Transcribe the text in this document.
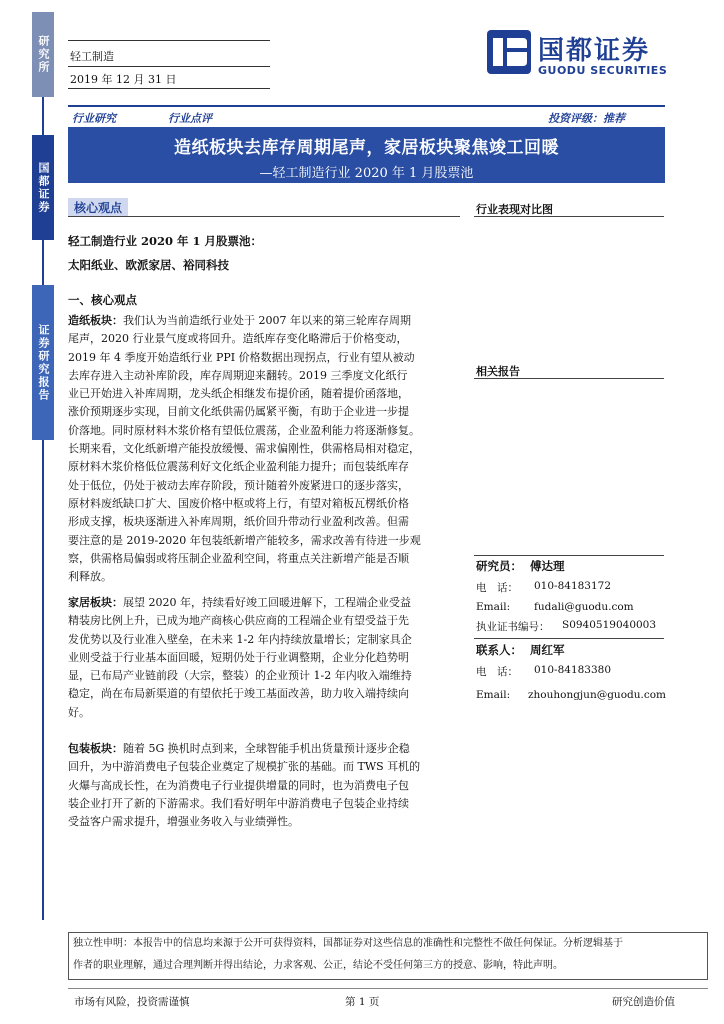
研究所
国都证券
证券研究报告
轻工制造
2019 年 12 月 31 日
国都证券
GUODU SECURITIES
行业研究	行业点评	投资评级：推荐
造纸板块去库存周期尾声，家居板块聚焦竣工回暖
—轻工制造行业 2020 年 1 月股票池
核心观点	行业表现对比图
相关报告
研究员： 傅达理
电　话：	010-84183172
Email:	fudali@guodu.com
执业证书编号：	S0940519040003
联系人： 周红军
电　话：	010-84183380
Email:	zhouhongjun@guodu.com
轻工制造行业 2020 年 1 月股票池：
太阳纸业、欧派家居、裕同科技
一、核心观点
造纸板块：我们认为当前造纸行业处于 2007 年以来的第三轮库存周期
尾声，2020 行业景气度或将回升。造纸库存变化略滞后于价格变动，
2019 年 4 季度开始造纸行业 PPI 价格数据出现拐点，行业有望从被动
去库存进入主动补库阶段，库存周期迎来翻转。2019 三季度文化纸行
业已开始进入补库周期，龙头纸企相继发布提价函，随着提价函落地，
涨价预期逐步实现，目前文化纸供需仍属紧平衡，有助于企业进一步提
价落地。同时原材料木浆价格有望低位震荡，企业盈利能力将逐渐修复。
长期来看，文化纸新增产能投放缓慢、需求偏刚性，供需格局相对稳定，
原材料木浆价格低位震荡利好文化纸企业盈利能力提升；而包装纸库存
处于低位，仍处于被动去库存阶段，预计随着外废紧进口的逐步落实，
原材料废纸缺口扩大、国废价格中枢或将上行，有望对箱板瓦楞纸价格
形成支撑，板块逐渐进入补库周期，纸价回升带动行业盈利改善。但需
要注意的是 2019-2020 年包装纸新增产能较多，需求改善有待进一步观
察，供需格局偏弱或将压制企业盈利空间，将重点关注新增产能是否顺
利释放。
家居板块：展望 2020 年，持续看好竣工回暖进解下，工程端企业受益
精装房比例上升，已成为地产商核心供应商的工程端企业有望受益于先
发优势以及行业准入壁垒，在未来 1-2 年内持续放量增长；定制家具企
业则受益于行业基本面回暖，短期仍处于行业调整期，企业分化趋势明
显，已布局产业链前段（大宗，整装）的企业预计 1-2 年内收入端维持
稳定，尚在布局新渠道的有望依托于竣工基面改善，助力收入端持续向
好。
包装板块：随着 5G 换机时点到来，全球智能手机出货量预计逐步企稳
回升，为中游消费电子包装企业奠定了规模扩张的基础。而 TWS 耳机的
火爆与高成长性，在为消费电子行业提供增量的同时，也为消费电子包
装企业打开了新的下游需求。我们看好明年中游消费电子包装企业持续
受益客户需求提升，增强业务收入与业绩弹性。
独立性申明：本报告中的信息均来源于公开可获得资料，国都证券对这些信息的准确性和完整性不做任何保证。分析逻辑基于
作者的职业理解，通过合理判断并得出结论，力求客观、公正，结论不受任何第三方的授意、影响，特此声明。
市场有风险，投资需谨慎	第 1 页	研究创造价值
